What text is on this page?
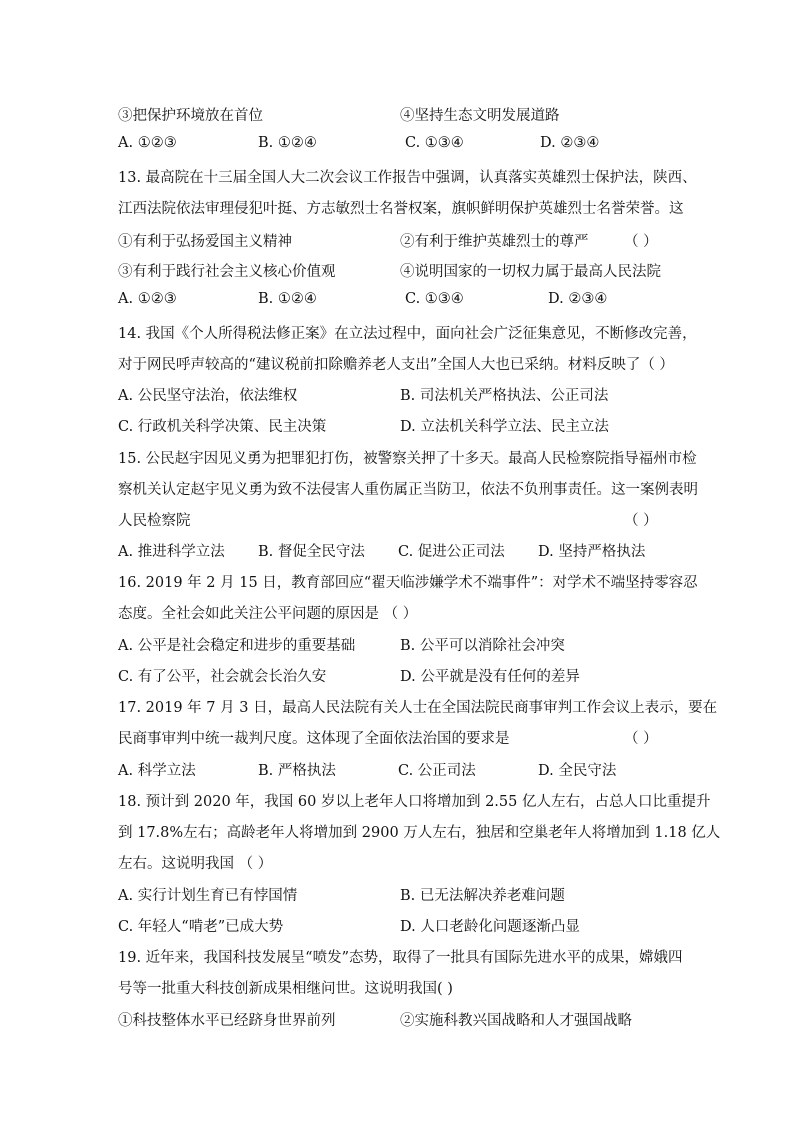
③把保护环境放在首位	④坚持生态文明发展道路
A. ①②③	B. ①②④	C. ①③④	D. ②③④
13. 最高院在十三届全国人大二次会议工作报告中强调，认真落实英雄烈士保护法，陕西、
江西法院依法审理侵犯叶挺、方志敏烈士名誉权案，旗帜鲜明保护英雄烈士名誉荣誉。这
①有利于弘扬爱国主义精神	②有利于维护英雄烈士的尊严 （ ）
③有利于践行社会主义核心价值观	④说明国家的一切权力属于最高人民法院
A. ①②③	B. ①②④	C. ①③④	D. ②③④
14. 我国《个人所得税法修正案》在立法过程中，面向社会广泛征集意见，不断修改完善，
对于网民呼声较高的“建议税前扣除赡养老人支出”全国人大也已采纳。材料反映了（ ）
A. 公民坚守法治，依法维权	B. 司法机关严格执法、公正司法
C. 行政机关科学决策、民主决策	D. 立法机关科学立法、民主立法
15. 公民赵宇因见义勇为把罪犯打伤，被警察关押了十多天。最高人民检察院指导福州市检
察机关认定赵宇见义勇为致不法侵害人重伤属正当防卫，依法不负刑事责任。这一案例表明
人民检察院	（ ）
A. 推进科学立法 B. 督促全民守法 C. 促进公正司法 D. 坚持严格执法
16. 2019 年 2 月 15 日，教育部回应“翟天临涉嫌学术不端事件”：对学术不端坚持零容忍
态度。全社会如此关注公平问题的原因是 （ ）
A. 公平是社会稳定和进步的重要基础	B. 公平可以消除社会冲突
C. 有了公平，社会就会长治久安	D. 公平就是没有任何的差异
17. 2019 年 7 月 3 日，最高人民法院有关人士在全国法院民商事审判工作会议上表示，要在
民商事审判中统一裁判尺度。这体现了全面依法治国的要求是	（ ）
A. 科学立法	B. 严格执法	C. 公正司法	D. 全民守法
18. 预计到 2020 年，我国 60 岁以上老年人口将增加到 2.55 亿人左右，占总人口比重提升
到 17.8%左右；高龄老年人将增加到 2900 万人左右，独居和空巢老年人将增加到 1.18 亿人
左右。这说明我国 （ ）
A. 实行计划生育已有悖国情	B. 已无法解决养老难问题
C. 年轻人“啃老”已成大势	D. 人口老龄化问题逐渐凸显
19. 近年来，我国科技发展呈“喷发”态势，取得了一批具有国际先进水平的成果，嫦娥四
号等一批重大科技创新成果相继问世。这说明我国( )
①科技整体水平已经跻身世界前列	②实施科教兴国战略和人才强国战略
